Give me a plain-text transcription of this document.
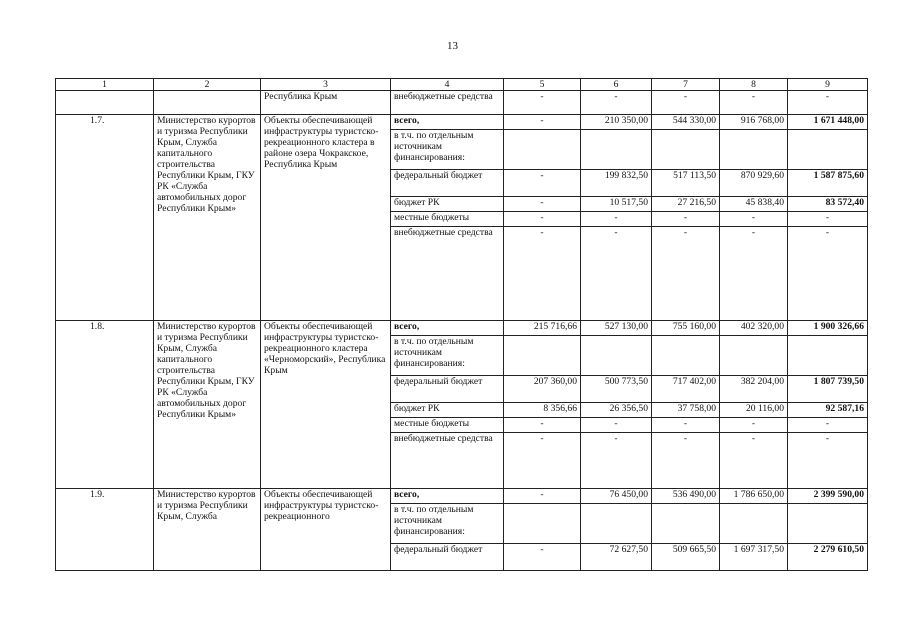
13
1	2	3	4	5	6	7	8	9
		Республика Крым	внебюджетные средства	-	-	-	-	-
1.7.	Министерство курортов и туризма Республики Крым, Служба капитального строительства Республики Крым, ГКУ РК «Служба автомобильных дорог Республики Крым»	Объекты обеспечивающей инфраструктуры туристско-рекреационного кластера в районе озера Чокракское, Республика Крым	всего,	-	210 350,00	544 330,00	916 768,00	1 671 448,00
			в т.ч. по отдельным источникам финансирования:					
			федеральный бюджет	-	199 832,50	517 113,50	870 929,60	1 587 875,60
			бюджет РК	-	10 517,50	27 216,50	45 838,40	83 572,40
			местные бюджеты	-	-	-	-	-
			внебюджетные средства	-	-	-	-	-
1.8.	Министерство курортов и туризма Республики Крым, Служба капитального строительства Республики Крым, ГКУ РК «Служба автомобильных дорог Республики Крым»	Объекты обеспечивающей инфраструктуры туристско-рекреационного кластера «Черноморский», Республика Крым	всего,	215 716,66	527 130,00	755 160,00	402 320,00	1 900 326,66
			в т.ч. по отдельным источникам финансирования:					
			федеральный бюджет	207 360,00	500 773,50	717 402,00	382 204,00	1 807 739,50
			бюджет РК	8 356,66	26 356,50	37 758,00	20 116,00	92 587,16
			местные бюджеты	-	-	-	-	-
			внебюджетные средства	-	-	-	-	-
1.9.	Министерство курортов и туризма Республики Крым, Служба	Объекты обеспечивающей инфраструктуры туристско-рекреационного	всего,	-	76 450,00	536 490,00	1 786 650,00	2 399 590,00
			в т.ч. по отдельным источникам финансирования:					
			федеральный бюджет	-	72 627,50	509 665,50	1 697 317,50	2 279 610,50
